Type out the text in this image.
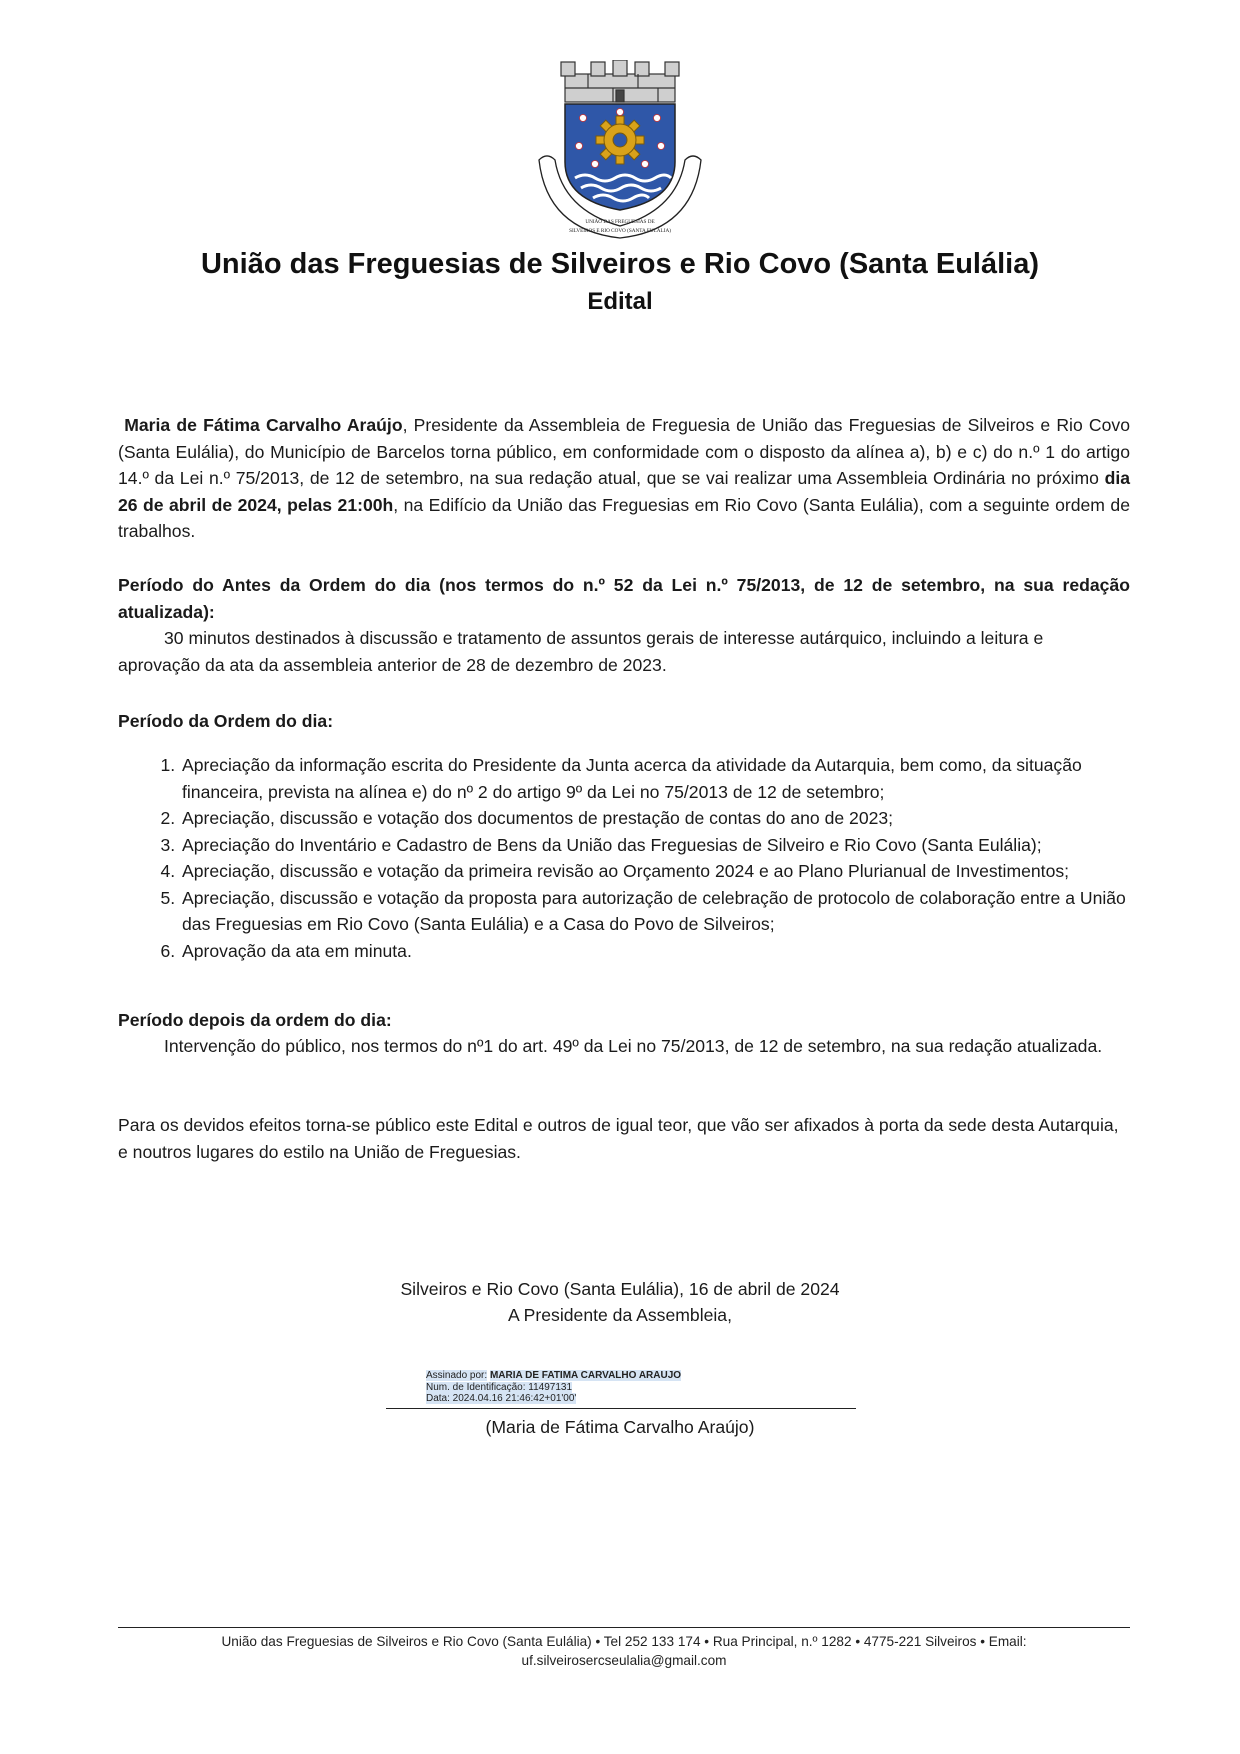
UNIÃO DAS FREGUESIAS DE
SILVEIROS E RIO COVO (SANTA EULÁLIA)
União das Freguesias de Silveiros e Rio Covo (Santa Eulália)
Edital
Maria de Fátima Carvalho Araújo, Presidente da Assembleia de Freguesia de União das Freguesias de Silveiros e Rio Covo (Santa Eulália), do Município de Barcelos torna público, em conformidade com o disposto da alínea a), b) e c) do n.º 1 do artigo 14.º da Lei n.º 75/2013, de 12 de setembro, na sua redação atual, que se vai realizar uma Assembleia Ordinária no próximo dia 26 de abril de 2024, pelas 21:00h, na Edifício da União das Freguesias em Rio Covo (Santa Eulália), com a seguinte ordem de trabalhos.
Período do Antes da Ordem do dia (nos termos do n.º 52 da Lei n.º 75/2013, de 12 de setembro, na sua redação atualizada):
30 minutos destinados à discussão e tratamento de assuntos gerais de interesse autárquico, incluindo a leitura e aprovação da ata da assembleia anterior de 28 de dezembro de 2023.
Período da Ordem do dia:
1. Apreciação da informação escrita do Presidente da Junta acerca da atividade da Autarquia, bem como, da situação financeira, prevista na alínea e) do nº 2 do artigo 9º da Lei no 75/2013 de 12 de setembro;
2. Apreciação, discussão e votação dos documentos de prestação de contas do ano de 2023;
3. Apreciação do Inventário e Cadastro de Bens da União das Freguesias de Silveiro e Rio Covo (Santa Eulália);
4. Apreciação, discussão e votação da primeira revisão ao Orçamento 2024 e ao Plano Plurianual de Investimentos;
5. Apreciação, discussão e votação da proposta para autorização de celebração de protocolo de colaboração entre a União das Freguesias em Rio Covo (Santa Eulália) e a Casa do Povo de Silveiros;
6. Aprovação da ata em minuta.
Período depois da ordem do dia:
Intervenção do público, nos termos do nº1 do art. 49º da Lei no 75/2013, de 12 de setembro, na sua redação atualizada.
Para os devidos efeitos torna-se público este Edital e outros de igual teor, que vão ser afixados à porta da sede desta Autarquia, e noutros lugares do estilo na União de Freguesias.
Silveiros e Rio Covo (Santa Eulália), 16 de abril de 2024
A Presidente da Assembleia,
Assinado por: MARIA DE FATIMA CARVALHO ARAUJO
Num. de Identificação: 11497131
Data: 2024.04.16 21:46:42+01'00'
(Maria de Fátima Carvalho Araújo)
União das Freguesias de Silveiros e Rio Covo (Santa Eulália) • Tel 252 133 174 • Rua Principal, n.º 1282 • 4775-221 Silveiros • Email:
uf.silveirosercseulalia@gmail.com
